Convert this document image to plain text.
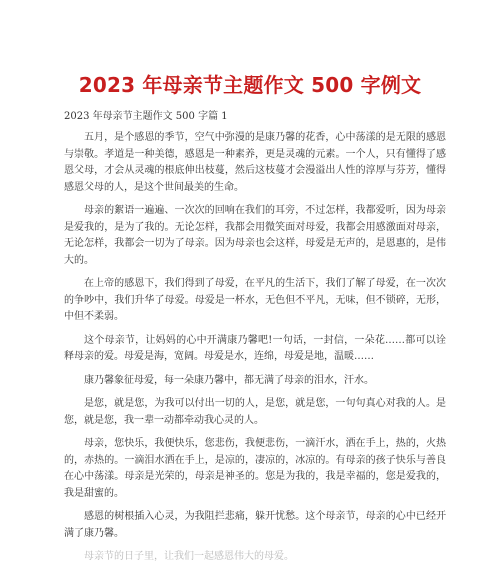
2023 年母亲节主题作文 500 字例文
2023 年母亲节主题作文 500 字篇 1

五月，是个感恩的季节，空气中弥漫的是康乃馨的花香，心中荡漾的是无限的感恩与崇敬。孝道是一种美德，感恩是一种素养，更是灵魂的元素。一个人，只有懂得了感恩父母，才会从灵魂的根底伸出枝蔓，然后这枝蔓才会漫溢出人性的淳厚与芬芳，懂得感恩父母的人，是这个世间最美的生命。

母亲的絮语一遍遍、一次次的回响在我们的耳旁，不过怎样，我都爱听，因为母亲是爱我的，是为了我的。无论怎样，我都会用微笑面对母爱，我都会用感激面对母亲，无论怎样，我都会一切为了母亲。因为母亲也会这样，母爱是无声的，是恩惠的，是伟大的。

在上帝的感恩下，我们得到了母爱，在平凡的生活下，我们了解了母爱，在一次次的争吵中，我们升华了母爱。母爱是一杯水，无色但不平凡，无味，但不锁碎，无形，中但不柔弱。

这个母亲节，让妈妈的心中开满康乃馨吧!一句话，一封信，一朵花……都可以诠释母亲的爱。母爱是海，宽阔。母爱是水，连绵，母爱是地，温暖……

康乃馨象征母爱，每一朵康乃馨中，都无满了母亲的泪水，汗水。

是您，就是您，为我可以付出一切的人，是您，就是您，一句句真心对我的人。是您，就是您，我一辈一动都牵动我心灵的人。

母亲，您快乐，我便快乐，您悲伤，我便悲伤，一滴汗水，洒在手上，热的，火热的，赤热的。一滴泪水洒在手上，是凉的，凄凉的，冰凉的。有母亲的孩子快乐与善良在心中荡漾。母亲是光荣的，母亲是神圣的。您是为我的，我是幸福的，您是爱我的，我是甜蜜的。

感恩的树根插入心灵，为我阻拦悲痛，躲开忧愁。这个母亲节，母亲的心中已经开满了康乃馨。

母亲节的日子里，让我们一起感恩伟大的母爱。
